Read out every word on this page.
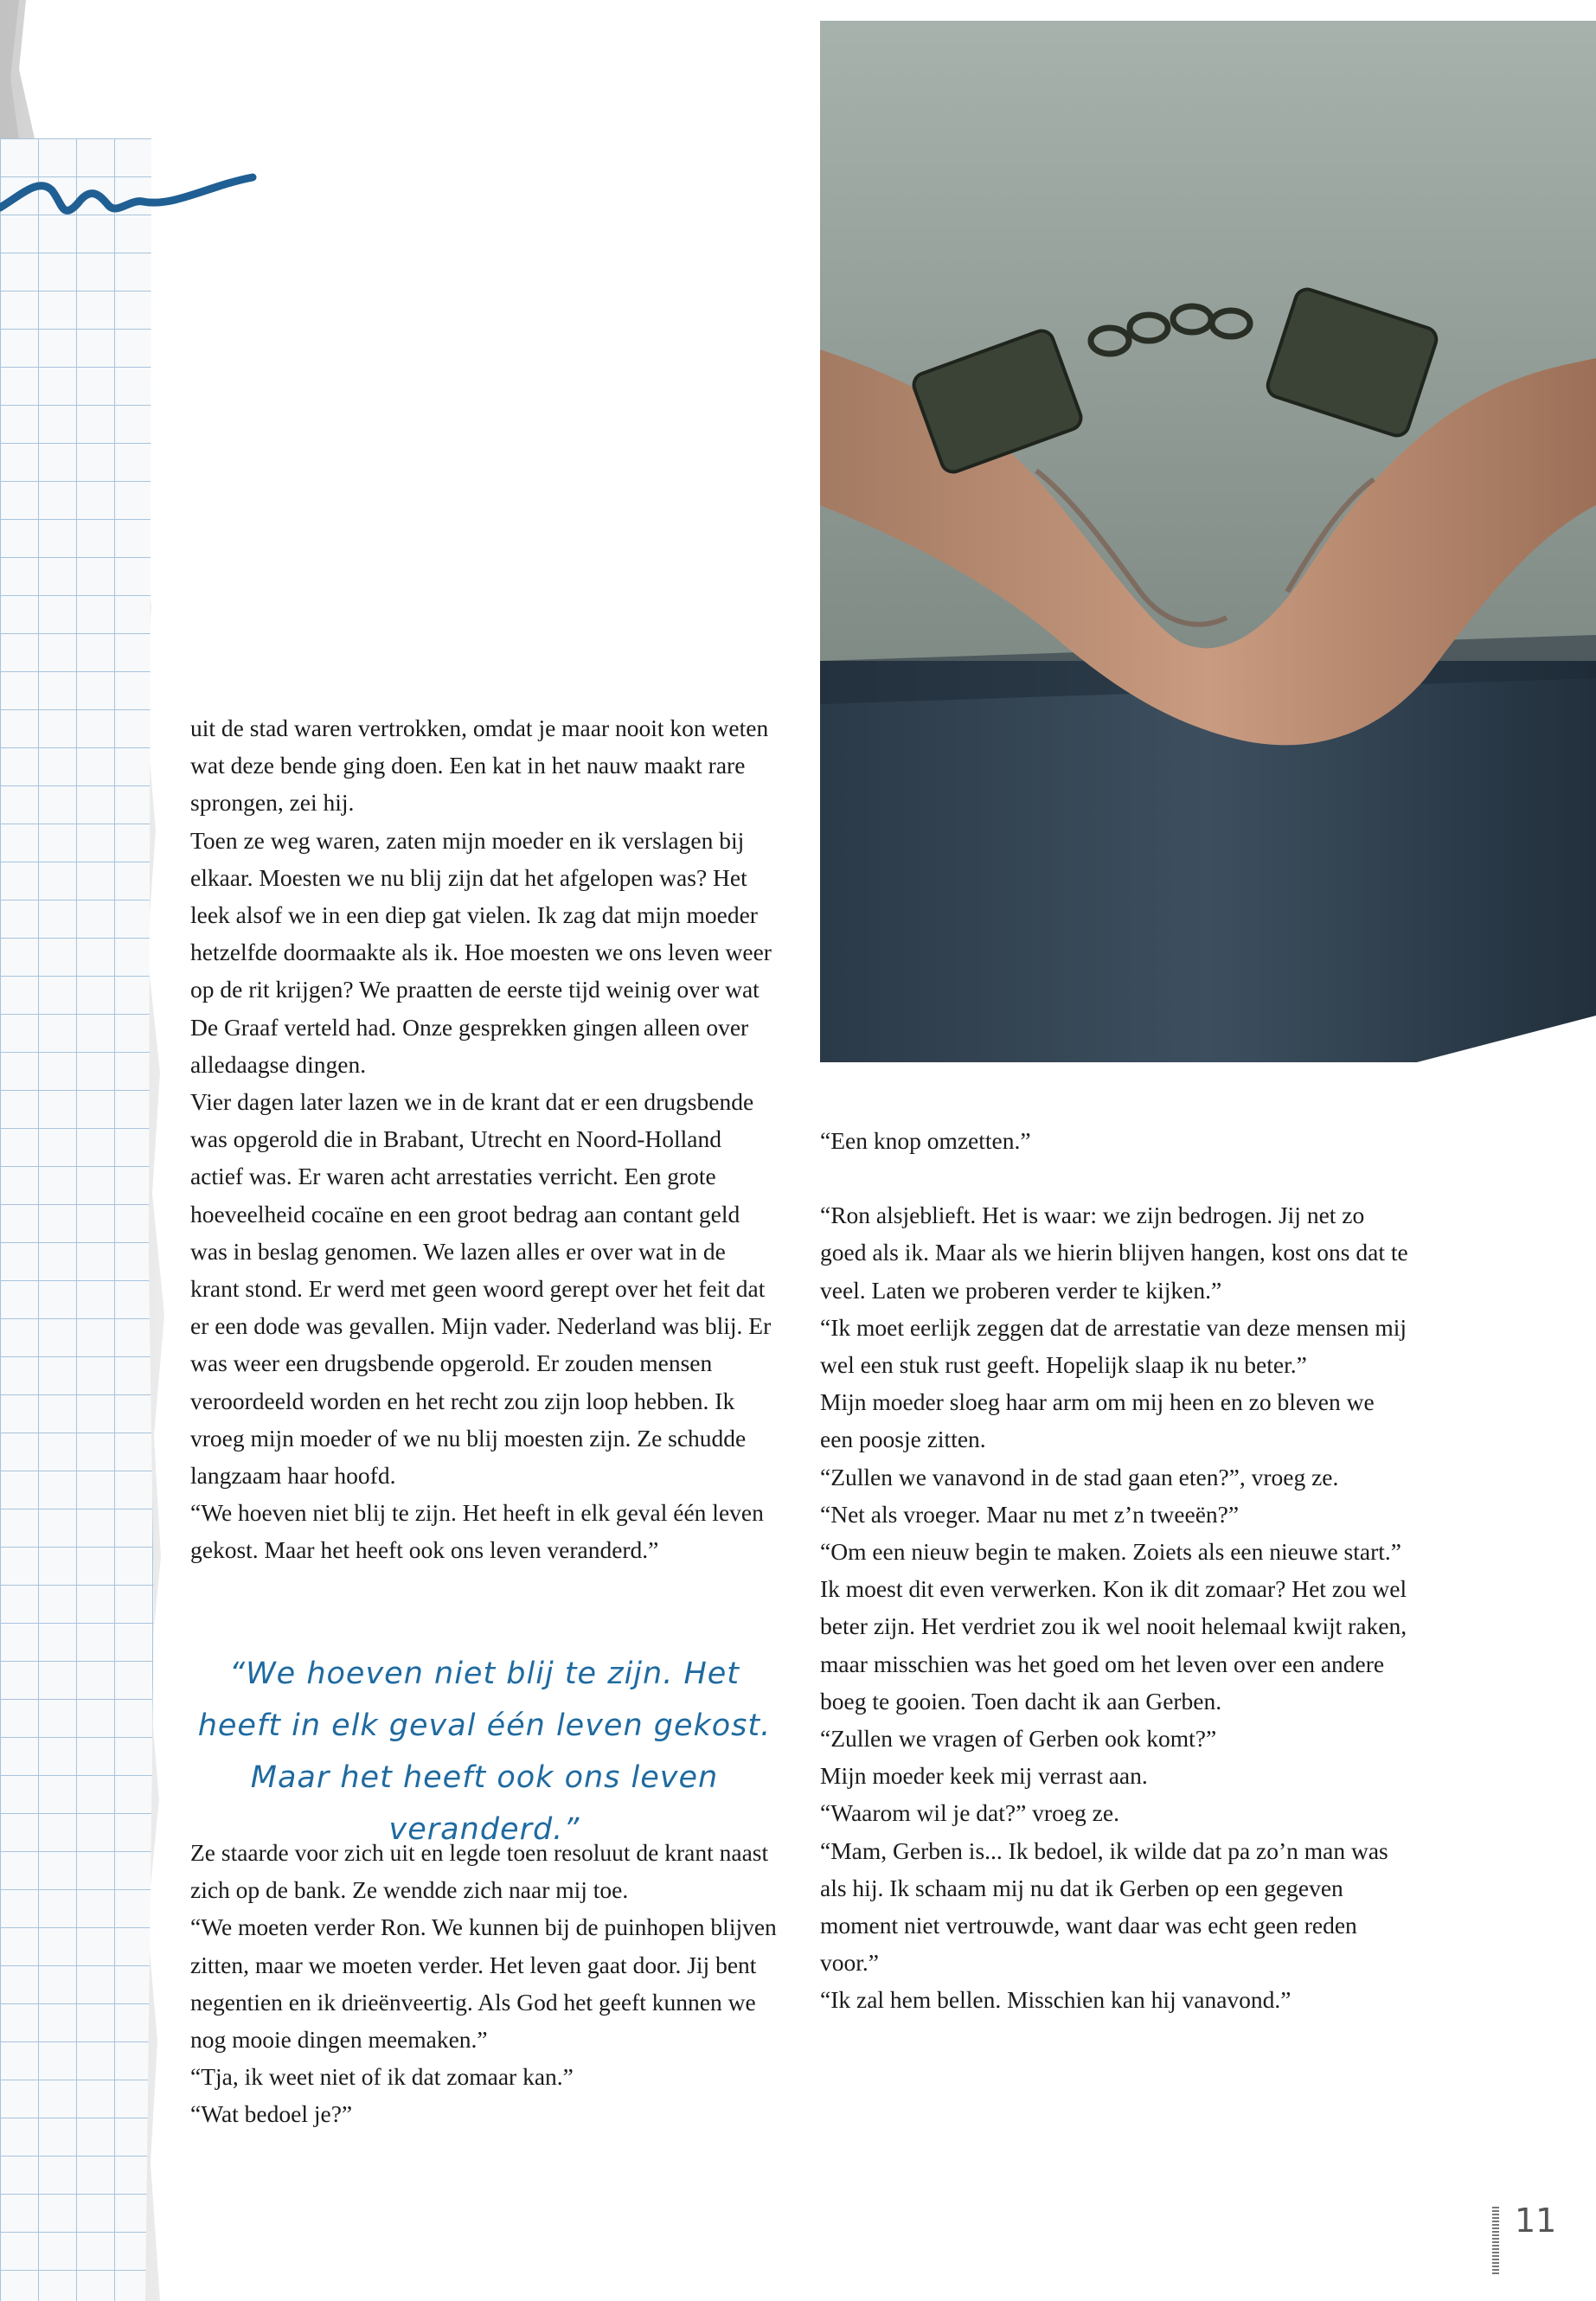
uit de stad waren vertrokken, omdat je maar nooit kon weten wat deze bende ging doen. Een kat in het nauw maakt rare sprongen, zei hij.

Toen ze weg waren, zaten mijn moeder en ik verslagen bij elkaar. Moesten we nu blij zijn dat het afgelopen was? Het leek alsof we in een diep gat vielen. Ik zag dat mijn moeder hetzelfde doormaakte als ik. Hoe moesten we ons leven weer op de rit krijgen? We praatten de eerste tijd weinig over wat De Graaf verteld had. Onze gesprekken gingen alleen over alledaagse dingen.

Vier dagen later lazen we in de krant dat er een drugsbende was opgerold die in Brabant, Utrecht en Noord-Holland actief was. Er waren acht arrestaties verricht. Een grote hoeveelheid cocaïne en een groot bedrag aan contant geld was in beslag genomen. We lazen alles er over wat in de krant stond. Er werd met geen woord gerept over het feit dat er een dode was gevallen. Mijn vader. Nederland was blij. Er was weer een drugsbende opgerold. Er zouden mensen veroordeeld worden en het recht zou zijn loop hebben. Ik vroeg mijn moeder of we nu blij moesten zijn. Ze schudde langzaam haar hoofd.

“We hoeven niet blij te zijn. Het heeft in elk geval één leven gekost. Maar het heeft ook ons leven veranderd.”

“We hoeven niet blij te zijn. Het heeft in elk geval één leven gekost. Maar het heeft ook ons leven veranderd.”

Ze staarde voor zich uit en legde toen resoluut de krant naast zich op de bank. Ze wendde zich naar mij toe.

“We moeten verder Ron. We kunnen bij de puinhopen blijven zitten, maar we moeten verder. Het leven gaat door. Jij bent negentien en ik drieënveertig. Als God het geeft kunnen we nog mooie dingen meemaken.”

“Tja, ik weet niet of ik dat zomaar kan.”

“Wat bedoel je?”

“Een knop omzetten.”

“Ron alsjeblieft. Het is waar: we zijn bedrogen. Jij net zo goed als ik. Maar als we hierin blijven hangen, kost ons dat te veel. Laten we proberen verder te kijken.”

“Ik moet eerlijk zeggen dat de arrestatie van deze mensen mij wel een stuk rust geeft. Hopelijk slaap ik nu beter.”

Mijn moeder sloeg haar arm om mij heen en zo bleven we een poosje zitten.

“Zullen we vanavond in de stad gaan eten?”, vroeg ze.

“Net als vroeger. Maar nu met z’n tweeën?”

“Om een nieuw begin te maken. Zoiets als een nieuwe start.”

Ik moest dit even verwerken. Kon ik dit zomaar? Het zou wel beter zijn. Het verdriet zou ik wel nooit helemaal kwijt raken, maar misschien was het goed om het leven over een andere boeg te gooien. Toen dacht ik aan Gerben.

“Zullen we vragen of Gerben ook komt?”

Mijn moeder keek mij verrast aan.

“Waarom wil je dat?” vroeg ze.

“Mam, Gerben is... Ik bedoel, ik wilde dat pa zo’n man was als hij. Ik schaam mij nu dat ik Gerben op een gegeven moment niet vertrouwde, want daar was echt geen reden voor.”

“Ik zal hem bellen. Misschien kan hij vanavond.”

11
